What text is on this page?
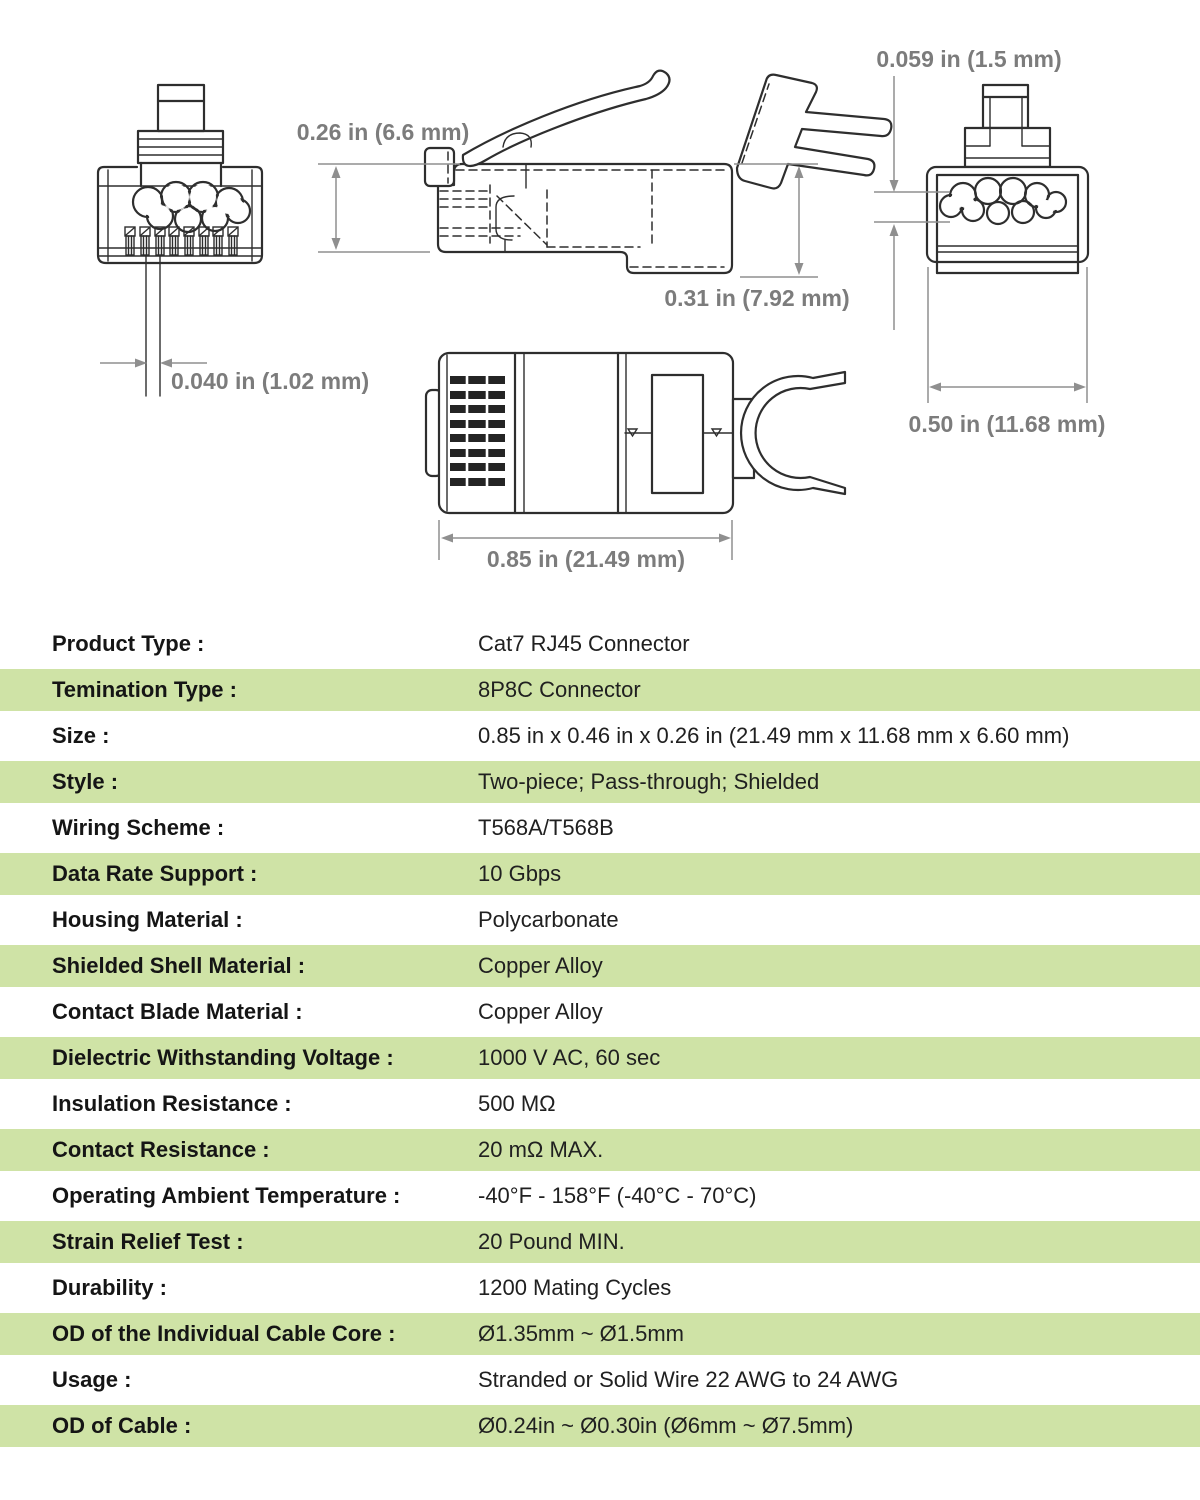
0.040 in (1.02 mm)
0.26 in (6.6 mm)
0.31 in (7.92 mm)
0.059 in (1.5 mm)
0.50 in (11.68 mm)
0.85 in (21.49 mm)
Product Type :	Cat7 RJ45 Connector
Temination Type :	8P8C Connector
Size :	0.85 in x 0.46 in x 0.26 in (21.49 mm x 11.68 mm x 6.60 mm)
Style :	Two-piece; Pass-through; Shielded
Wiring Scheme :	T568A/T568B
Data Rate Support :	10 Gbps
Housing Material :	Polycarbonate
Shielded Shell Material :	Copper Alloy
Contact Blade Material :	Copper Alloy
Dielectric Withstanding Voltage :	1000 V AC, 60 sec
Insulation Resistance :	500 MΩ
Contact Resistance :	20 mΩ MAX.
Operating Ambient Temperature :	-40°F - 158°F (-40°C - 70°C)
Strain Relief Test :	20 Pound MIN.
Durability :	1200 Mating Cycles
OD of the Individual Cable Core :	Ø1.35mm ~ Ø1.5mm
Usage :	Stranded or Solid Wire 22 AWG to 24 AWG
OD of Cable :	Ø0.24in ~ Ø0.30in (Ø6mm ~ Ø7.5mm)
